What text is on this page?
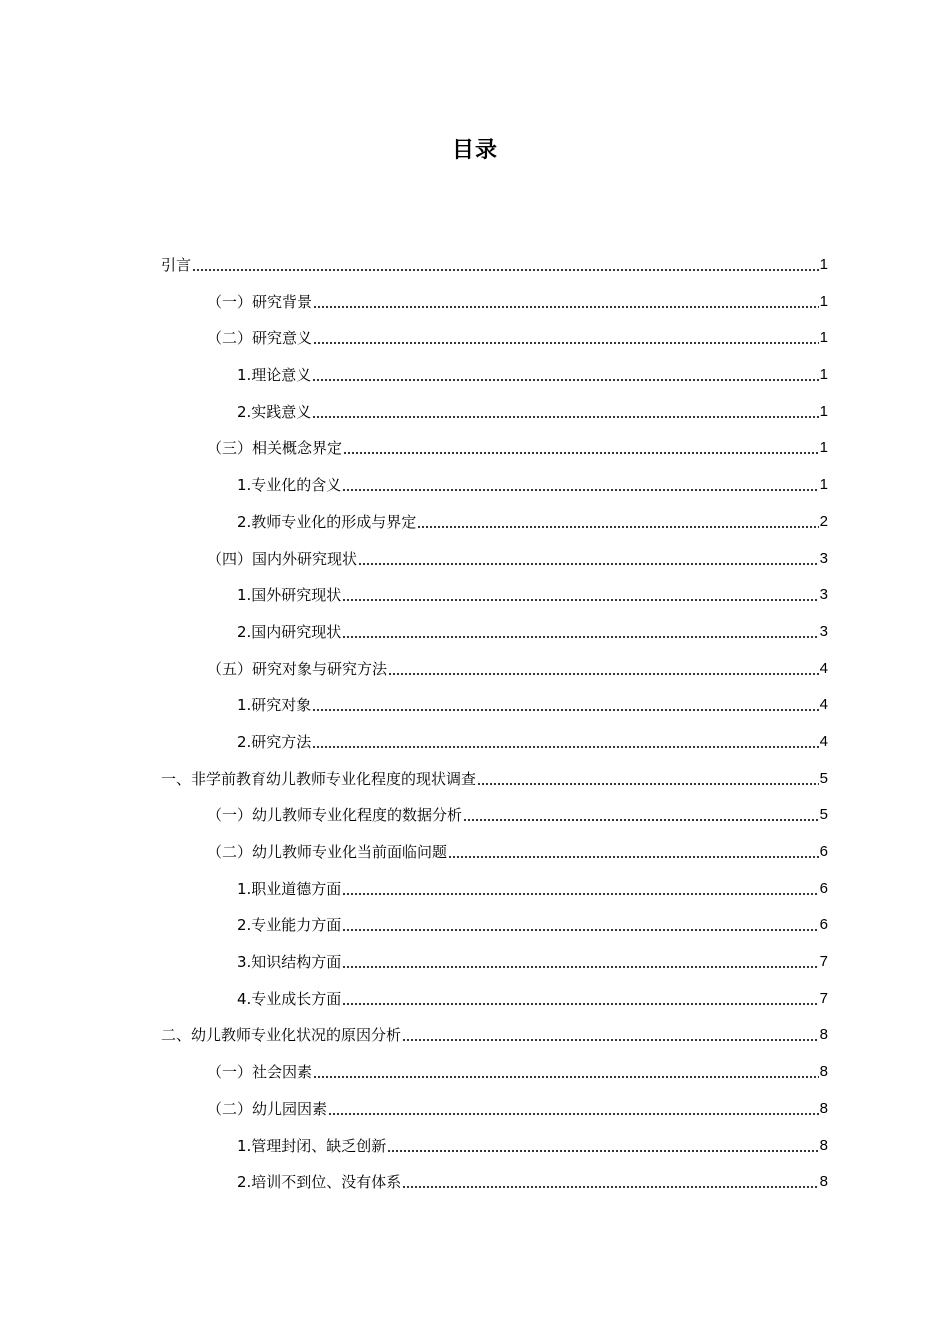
目录
引言	1
（一）研究背景	1
（二）研究意义	1
1.理论意义	1
2.实践意义	1
（三）相关概念界定	1
1.专业化的含义	1
2.教师专业化的形成与界定	2
（四）国内外研究现状	3
1.国外研究现状	3
2.国内研究现状	3
（五）研究对象与研究方法	4
1.研究对象	4
2.研究方法	4
一、非学前教育幼儿教师专业化程度的现状调查	5
（一）幼儿教师专业化程度的数据分析	5
（二）幼儿教师专业化当前面临问题	6
1.职业道德方面	6
2.专业能力方面	6
3.知识结构方面	7
4.专业成长方面	7
二、幼儿教师专业化状况的原因分析	8
（一）社会因素	8
（二）幼儿园因素	8
1.管理封闭、缺乏创新	8
2.培训不到位、没有体系	8
